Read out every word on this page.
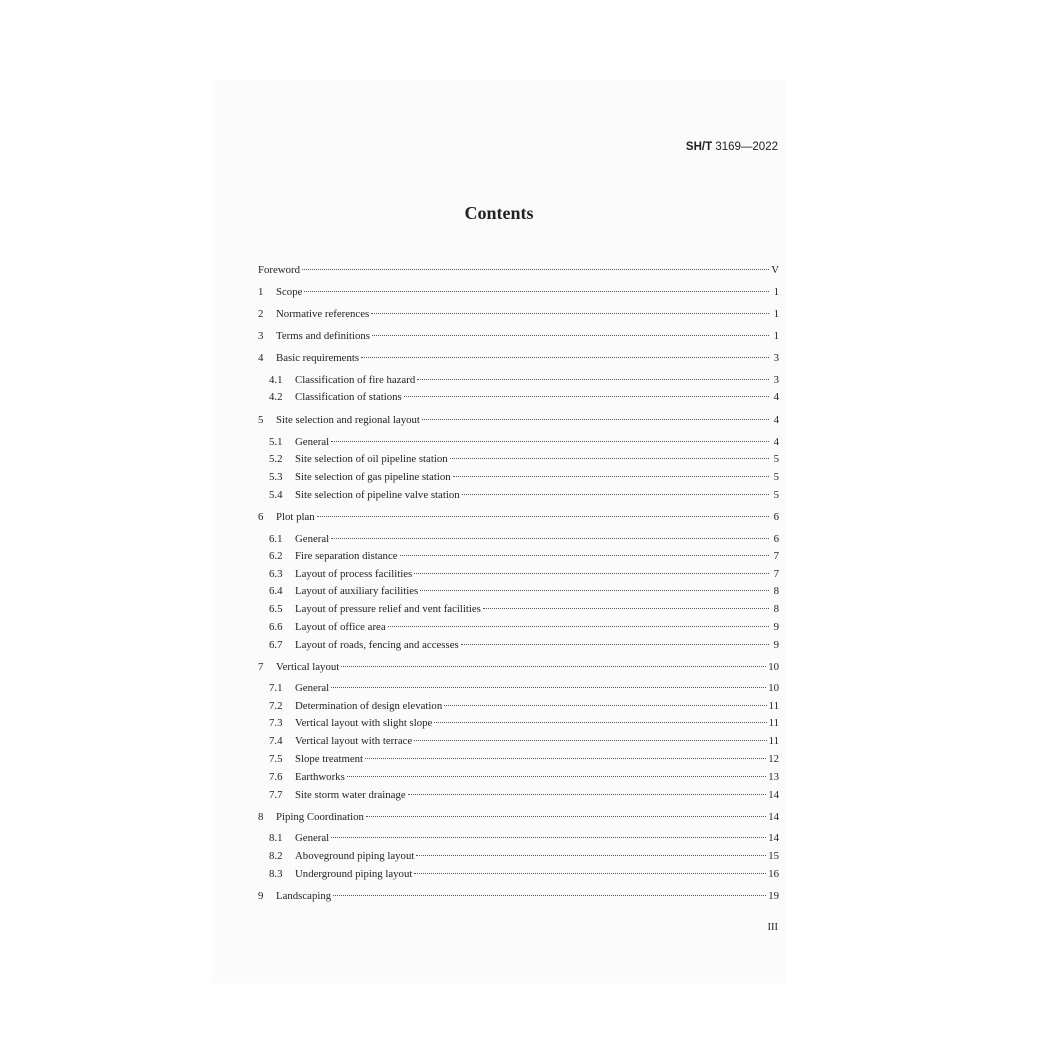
SH/T 3169—2022
Contents
Foreword	V
1	Scope	1
2	Normative references	1
3	Terms and definitions	1
4	Basic requirements	3
4.1	Classification of fire hazard	3
4.2	Classification of stations	4
5	Site selection and regional layout	4
5.1	General	4
5.2	Site selection of oil pipeline station	5
5.3	Site selection of gas pipeline station	5
5.4	Site selection of pipeline valve station	5
6	Plot plan	6
6.1	General	6
6.2	Fire separation distance	7
6.3	Layout of process facilities	7
6.4	Layout of auxiliary facilities	8
6.5	Layout of pressure relief and vent facilities	8
6.6	Layout of office area	9
6.7	Layout of roads, fencing and accesses	9
7	Vertical layout	10
7.1	General	10
7.2	Determination of design elevation	11
7.3	Vertical layout with slight slope	11
7.4	Vertical layout with terrace	11
7.5	Slope treatment	12
7.6	Earthworks	13
7.7	Site storm water drainage	14
8	Piping Coordination	14
8.1	General	14
8.2	Aboveground piping layout	15
8.3	Underground piping layout	16
9	Landscaping	19
III
